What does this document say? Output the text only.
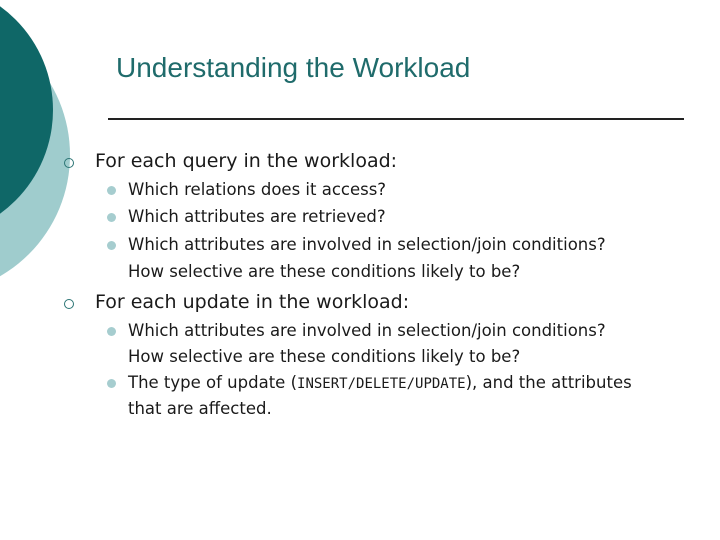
Understanding the Workload
For each query in the workload:
Which relations does it access?
Which attributes are retrieved?
Which attributes are involved in selection/join conditions?
How selective are these conditions likely to be?
For each update in the workload:
Which attributes are involved in selection/join conditions?
How selective are these conditions likely to be?
The type of update (INSERT/DELETE/UPDATE), and the attributes
that are affected.
